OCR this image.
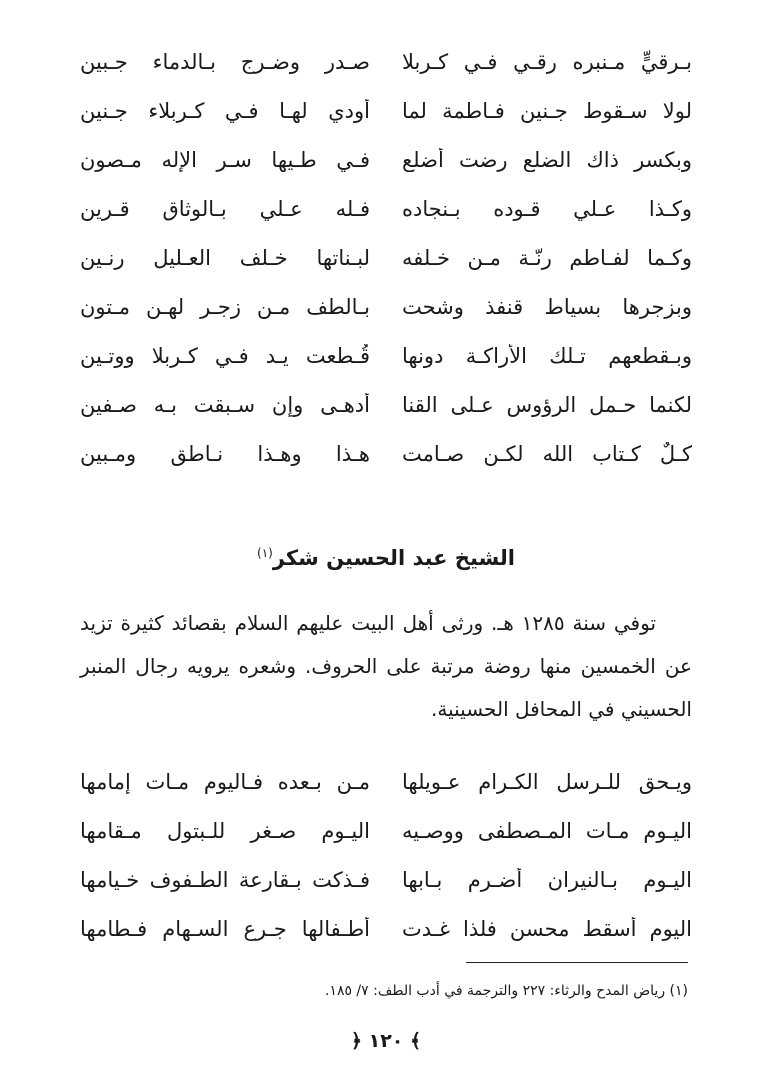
بـرقيٍّ مـنبره رقـي فـي كـربلا
صـدر وضـرج بـالدماء جـبين
لولا سـقوط جـنين فـاطمة لما
أودي لهـا فـي كـربلاء جـنين
وبكسر ذاك الضلع رضت أضلع
فـي طـيها سـر الإله مـصون
وكـذا عـلي قـوده بـنجاده
فـله عـلي بـالوثاق قـرين
وكـما لفـاطم رنّـة مـن خـلفه
لبـناتها خـلف العـليل رنـين
وبزجرها بسياط قنفذ وشحت
بـالطف مـن زجـر لهـن مـتون
وبـقطعهم تـلك الأراكـة دونها
قُـطعت يـد فـي كـربلا ووتـين
لكنما حـمل الرؤوس عـلى القنا
أدهـى وإن سـبقت بـه صـفين
كـلٌ كـتاب الله لكـن صـامت
هـذا وهـذا نـاطق ومـبين
الشيخ عبد الحسين شكر$^{(١)}$
توفي سنة ١٢٨٥ هـ. ورثى أهل البيت عليهم السلام بقصائد كثيرة تزيد عن الخمسين منها روضة مرتبة على الحروف. وشعره يرويه رجال المنبر الحسيني في المحافل الحسينية.
ويـحق للـرسل الكـرام عـويلها
مـن بـعده فـاليوم مـات إمامها
اليـوم مـات المـصطفى ووصـيه
اليـوم صـغر للـبتول مـقامها
اليـوم بـالنيران أضـرم بـابها
فـذكت بـقارعة الطـفوف خـيامها
اليوم أسقط محسن فلذا غـدت
أطـفالها جـرع السـهام فـطامها
(١) رياض المدح والرثاء: ٢٢٧ والترجمة في أدب الطف: ٧/ ١٨٥.
﴾ ١٢٠ ﴿
